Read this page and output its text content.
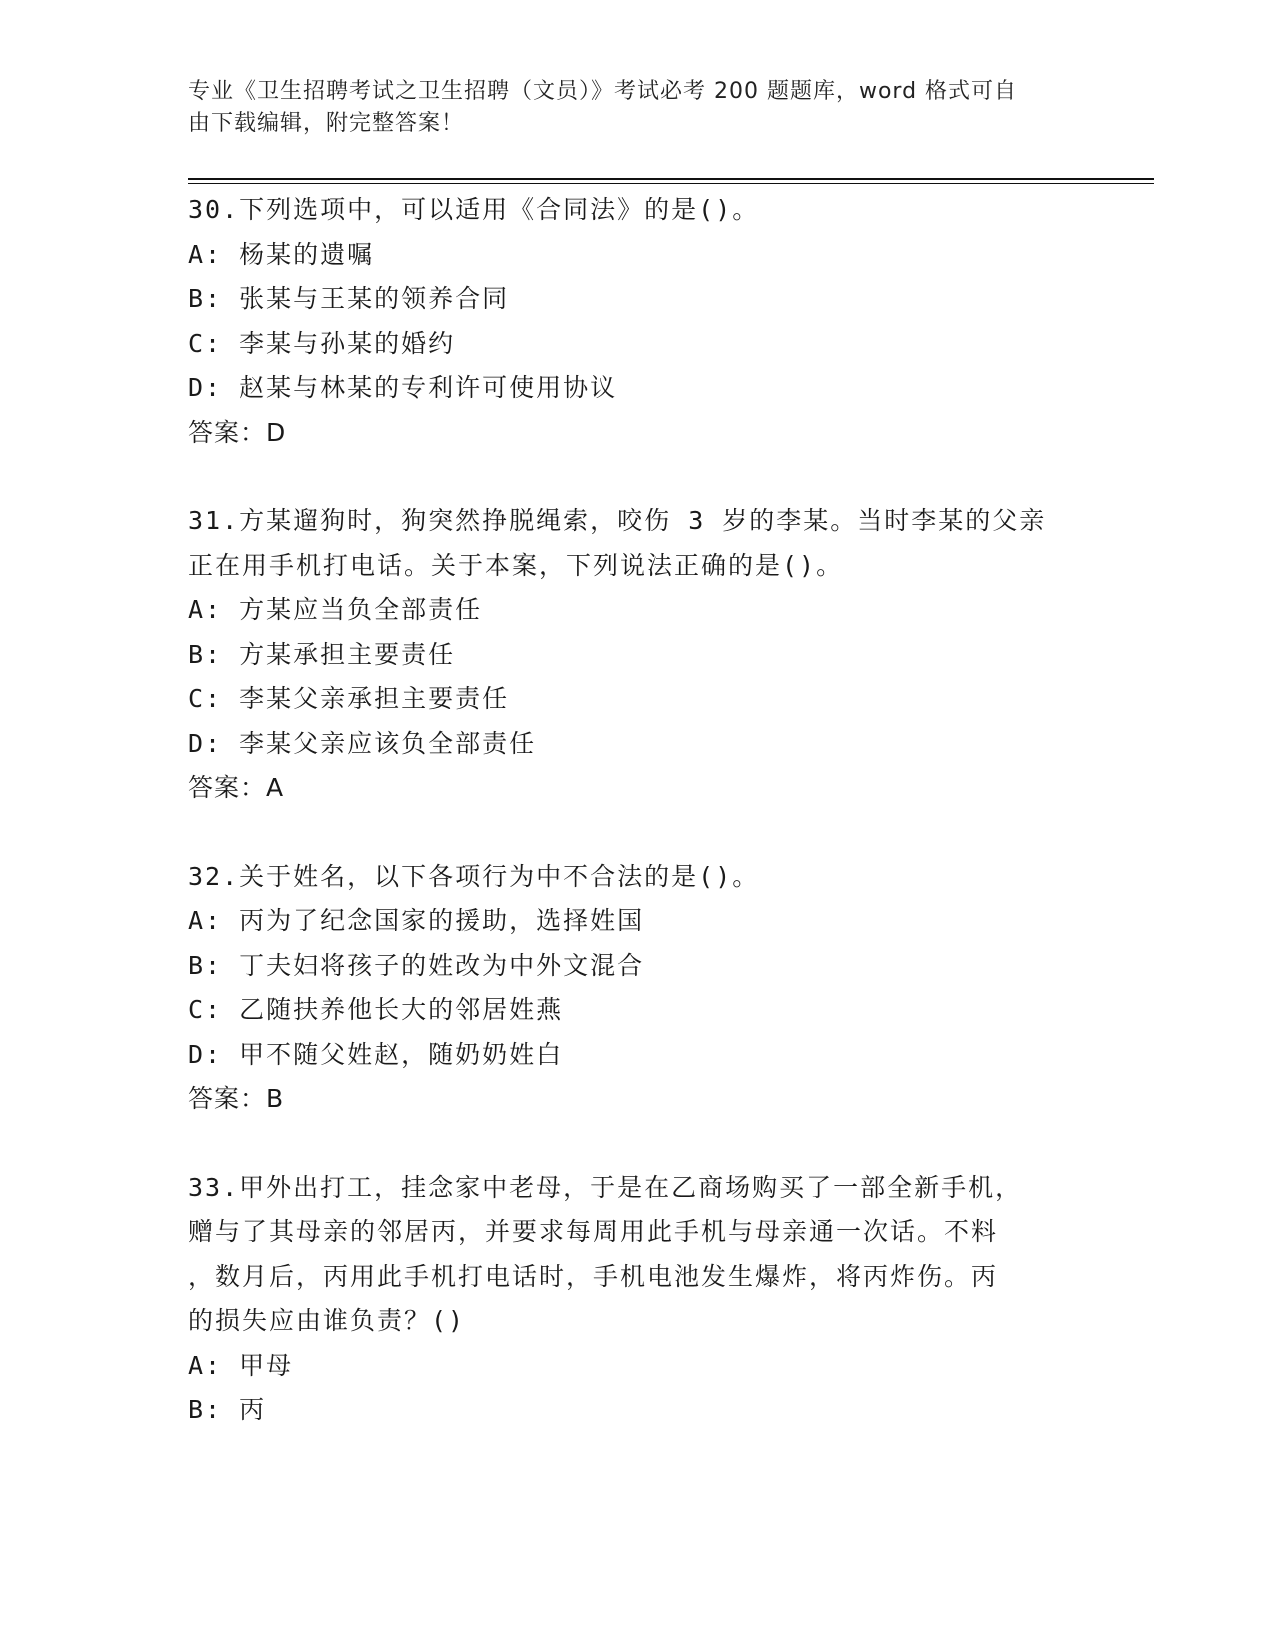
专业《卫生招聘考试之卫生招聘（文员）》考试必考 200 题题库，word 格式可自
由下载编辑，附完整答案！
30.下列选项中，可以适用《合同法》的是()。
A: 杨某的遗嘱
B: 张某与王某的领养合同
C: 李某与孙某的婚约
D: 赵某与林某的专利许可使用协议
答案：D
31.方某遛狗时，狗突然挣脱绳索，咬伤 3 岁的李某。当时李某的父亲
正在用手机打电话。关于本案，下列说法正确的是()。
A: 方某应当负全部责任
B: 方某承担主要责任
C: 李某父亲承担主要责任
D: 李某父亲应该负全部责任
答案：A
32.关于姓名，以下各项行为中不合法的是()。
A: 丙为了纪念国家的援助，选择姓国
B: 丁夫妇将孩子的姓改为中外文混合
C: 乙随扶养他长大的邻居姓燕
D: 甲不随父姓赵，随奶奶姓白
答案：B
33.甲外出打工，挂念家中老母，于是在乙商场购买了一部全新手机，
赠与了其母亲的邻居丙，并要求每周用此手机与母亲通一次话。不料
，数月后，丙用此手机打电话时，手机电池发生爆炸，将丙炸伤。丙
的损失应由谁负责？()
A: 甲母
B: 丙
